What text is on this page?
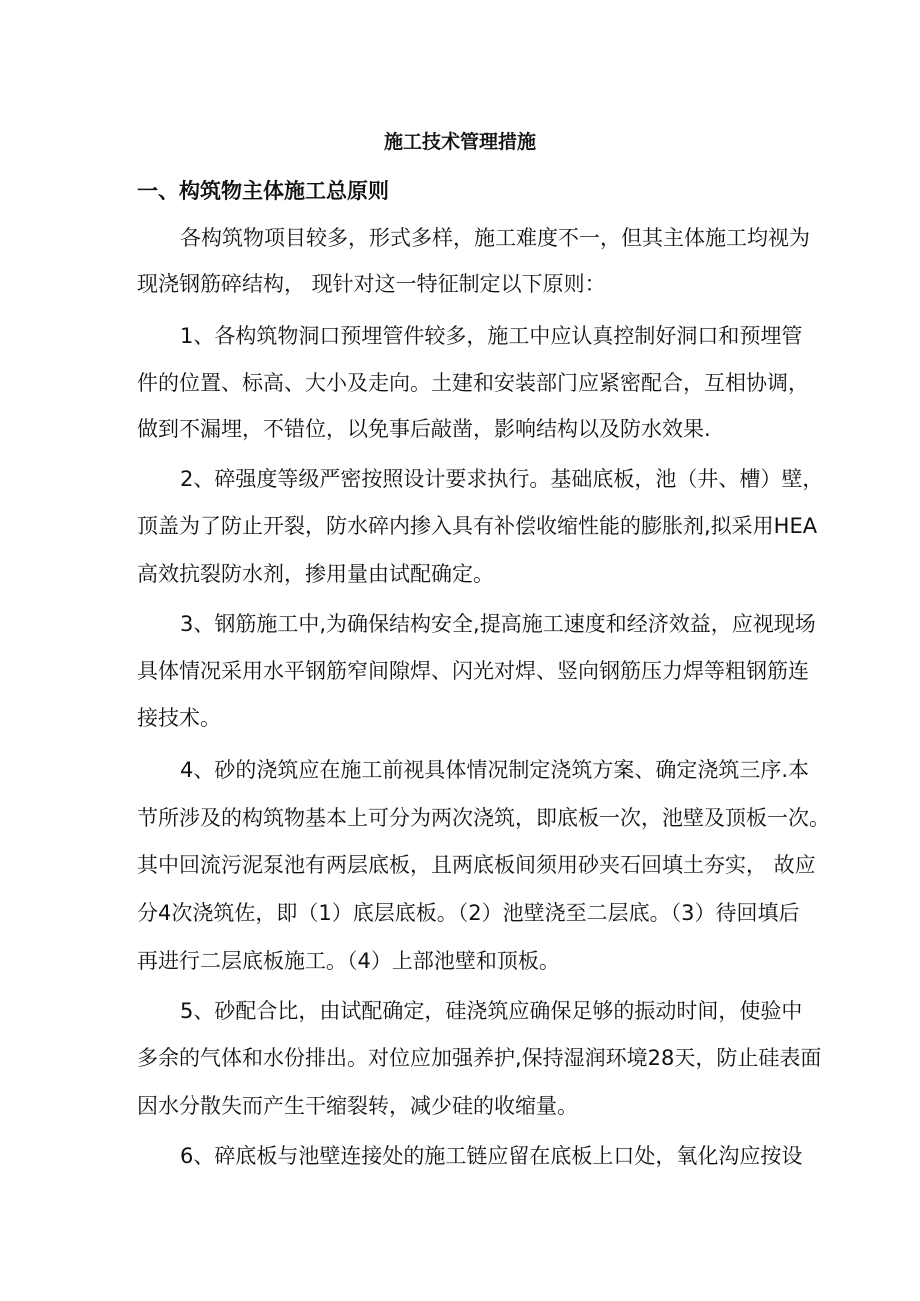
施工技术管理措施
一、构筑物主体施工总原则

各构筑物项目较多，形式多样，施工难度不一，但其主体施工均视为

现浇钢筋碎结构， 现针对这一特征制定以下原则：

1、各构筑物洞口预埋管件较多，施工中应认真控制好洞口和预埋管

件的位置、标高、大小及走向。土建和安装部门应紧密配合，互相协调，

做到不漏埋，不错位，以免事后敲凿，影响结构以及防水效果.

2、碎强度等级严密按照设计要求执行。基础底板，池（井、槽）壁，

顶盖为了防止开裂，防水碎内掺入具有补偿收缩性能的膨胀剂,拟采用HEA

高效抗裂防水剂，掺用量由试配确定。

3、钢筋施工中,为确保结构安全,提高施工速度和经济效益，应视现场

具体情况采用水平钢筋窄间隙焊、闪光对焊、竖向钢筋压力焊等粗钢筋连

接技术。

4、砂的浇筑应在施工前视具体情况制定浇筑方案、确定浇筑三序.本

节所涉及的构筑物基本上可分为两次浇筑，即底板一次，池壁及顶板一次。

其中回流污泥泵池有两层底板，且两底板间须用砂夹石回填土夯实， 故应

分4次浇筑佐，即（1）底层底板。（2）池壁浇至二层底。（3）待回填后

再进行二层底板施工。（4）上部池壁和顶板。

5、砂配合比，由试配确定，硅浇筑应确保足够的振动时间，使验中

多余的气体和水份排出。对位应加强养护,保持湿润环境28天，防止硅表面

因水分散失而产生干缩裂转，减少硅的收缩量。

6、碎底板与池壁连接处的施工链应留在底板上口处，氧化沟应按设
